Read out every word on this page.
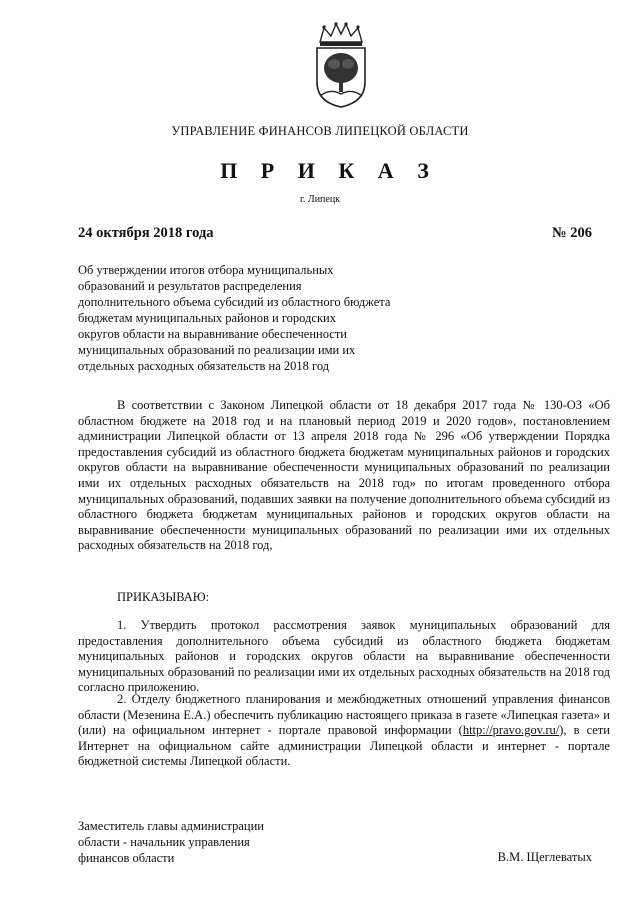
УПРАВЛЕНИЕ ФИНАНСОВ ЛИПЕЦКОЙ ОБЛАСТИ
П Р И К А З
г. Липецк
24 октября 2018 года	№ 206
Об утверждении итогов отбора муниципальных
образований и результатов распределения
дополнительного объема субсидий из областного бюджета
бюджетам муниципальных районов и городских
округов области на выравнивание обеспеченности
муниципальных образований по реализации ими их
отдельных расходных обязательств на 2018 год

В соответствии с Законом Липецкой области от 18 декабря 2017 года № 130-ОЗ «Об областном бюджете на 2018 год и на плановый период 2019 и 2020 годов», постановлением администрации Липецкой области от 13 апреля 2018 года № 296 «Об утверждении Порядка предоставления субсидий из областного бюджета бюджетам муниципальных районов и городских округов области на выравнивание обеспеченности муниципальных образований по реализации ими их отдельных расходных обязательств на 2018 год» по итогам проведенного отбора муниципальных образований, подавших заявки на получение дополнительного объема субсидий из областного бюджета бюджетам муниципальных районов и городских округов области на выравнивание обеспеченности муниципальных образований по реализации ими их отдельных расходных обязательств на 2018 год,

ПРИКАЗЫВАЮ:

1. Утвердить протокол рассмотрения заявок муниципальных образований для предоставления дополнительного объема субсидий из областного бюджета бюджетам муниципальных районов и городских округов области на выравнивание обеспеченности муниципальных образований по реализации ими их отдельных расходных обязательств на 2018 год согласно приложению.

2. Отделу бюджетного планирования и межбюджетных отношений управления финансов области (Мезенина Е.А.) обеспечить публикацию настоящего приказа в газете «Липецкая газета» и (или) на официальном интернет - портале правовой информации (http://pravo.gov.ru/), в сети Интернет на официальном сайте администрации Липецкой области и интернет - портале бюджетной системы Липецкой области.

Заместитель главы администрации
области - начальник управления
финансов области	В.М. Щеглеватых
